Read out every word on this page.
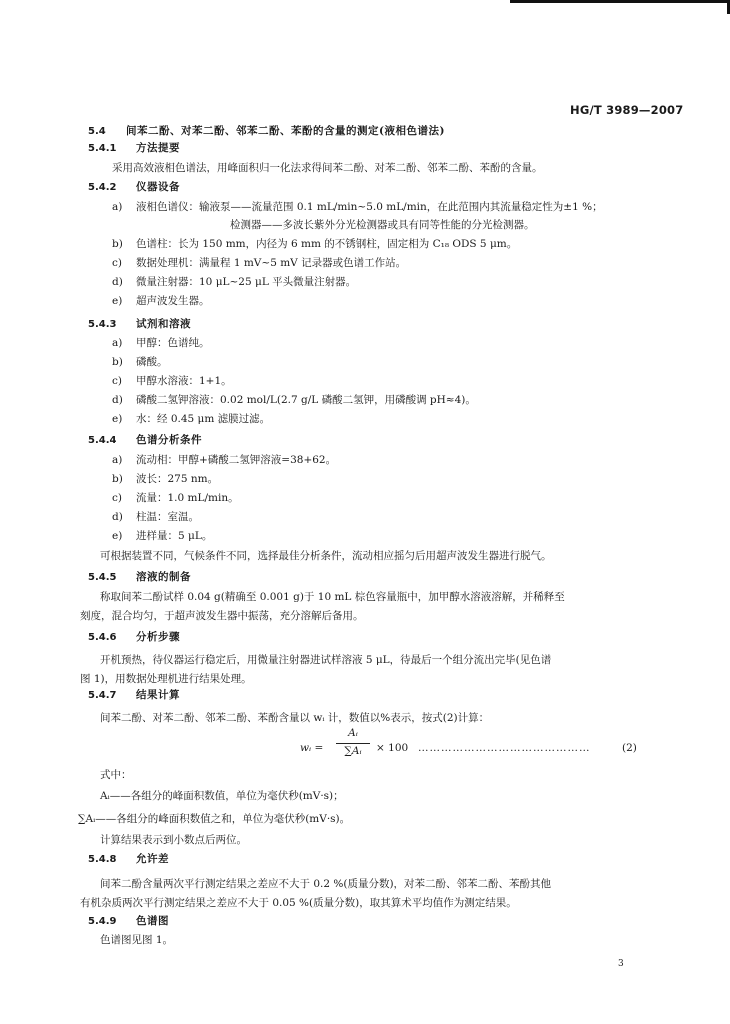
HG/T 3989—2007
5.4 间苯二酚、对苯二酚、邻苯二酚、苯酚的含量的测定(液相色谱法)
5.4.1 方法提要
采用高效液相色谱法，用峰面积归一化法求得间苯二酚、对苯二酚、邻苯二酚、苯酚的含量。
5.4.2 仪器设备
a) 液相色谱仪：输液泵——流量范围 0.1 mL/min~5.0 mL/min，在此范围内其流量稳定性为±1 %；
检测器——多波长紫外分光检测器或具有同等性能的分光检测器。
b) 色谱柱：长为 150 mm，内径为 6 mm 的不锈钢柱，固定相为 C₁₈ ODS 5 μm。
c) 数据处理机：满量程 1 mV~5 mV 记录器或色谱工作站。
d) 微量注射器：10 μL~25 μL 平头微量注射器。
e) 超声波发生器。
5.4.3 试剂和溶液
a) 甲醇：色谱纯。
b) 磷酸。
c) 甲醇水溶液：1+1。
d) 磷酸二氢钾溶液：0.02 mol/L(2.7 g/L 磷酸二氢钾，用磷酸调 pH≈4)。
e) 水：经 0.45 μm 滤膜过滤。
5.4.4 色谱分析条件
a) 流动相：甲醇+磷酸二氢钾溶液=38+62。
b) 波长：275 nm。
c) 流量：1.0 mL/min。
d) 柱温：室温。
e) 进样量：5 μL。
可根据装置不同，气候条件不同，选择最佳分析条件，流动相应摇匀后用超声波发生器进行脱气。
5.4.5 溶液的制备
称取间苯二酚试样 0.04 g(精确至 0.001 g)于 10 mL 棕色容量瓶中，加甲醇水溶液溶解，并稀释至
刻度，混合均匀，于超声波发生器中振荡，充分溶解后备用。
5.4.6 分析步骤
开机预热，待仪器运行稳定后，用微量注射器进试样溶液 5 μL，待最后一个组分流出完毕(见色谱
图 1)，用数据处理机进行结果处理。
5.4.7 结果计算
间苯二酚、对苯二酚、邻苯二酚、苯酚含量以 wᵢ 计，数值以%表示，按式(2)计算：
wᵢ =
Aᵢ
∑Aᵢ	× 100 ………………………………………	(2)
式中：
Aᵢ——各组分的峰面积数值，单位为毫伏秒(mV·s)；
∑Aᵢ——各组分的峰面积数值之和，单位为毫伏秒(mV·s)。
计算结果表示到小数点后两位。
5.4.8 允许差
间苯二酚含量两次平行测定结果之差应不大于 0.2 %(质量分数)，对苯二酚、邻苯二酚、苯酚其他
有机杂质两次平行测定结果之差应不大于 0.05 %(质量分数)，取其算术平均值作为测定结果。
5.4.9 色谱图
色谱图见图 1。
3
